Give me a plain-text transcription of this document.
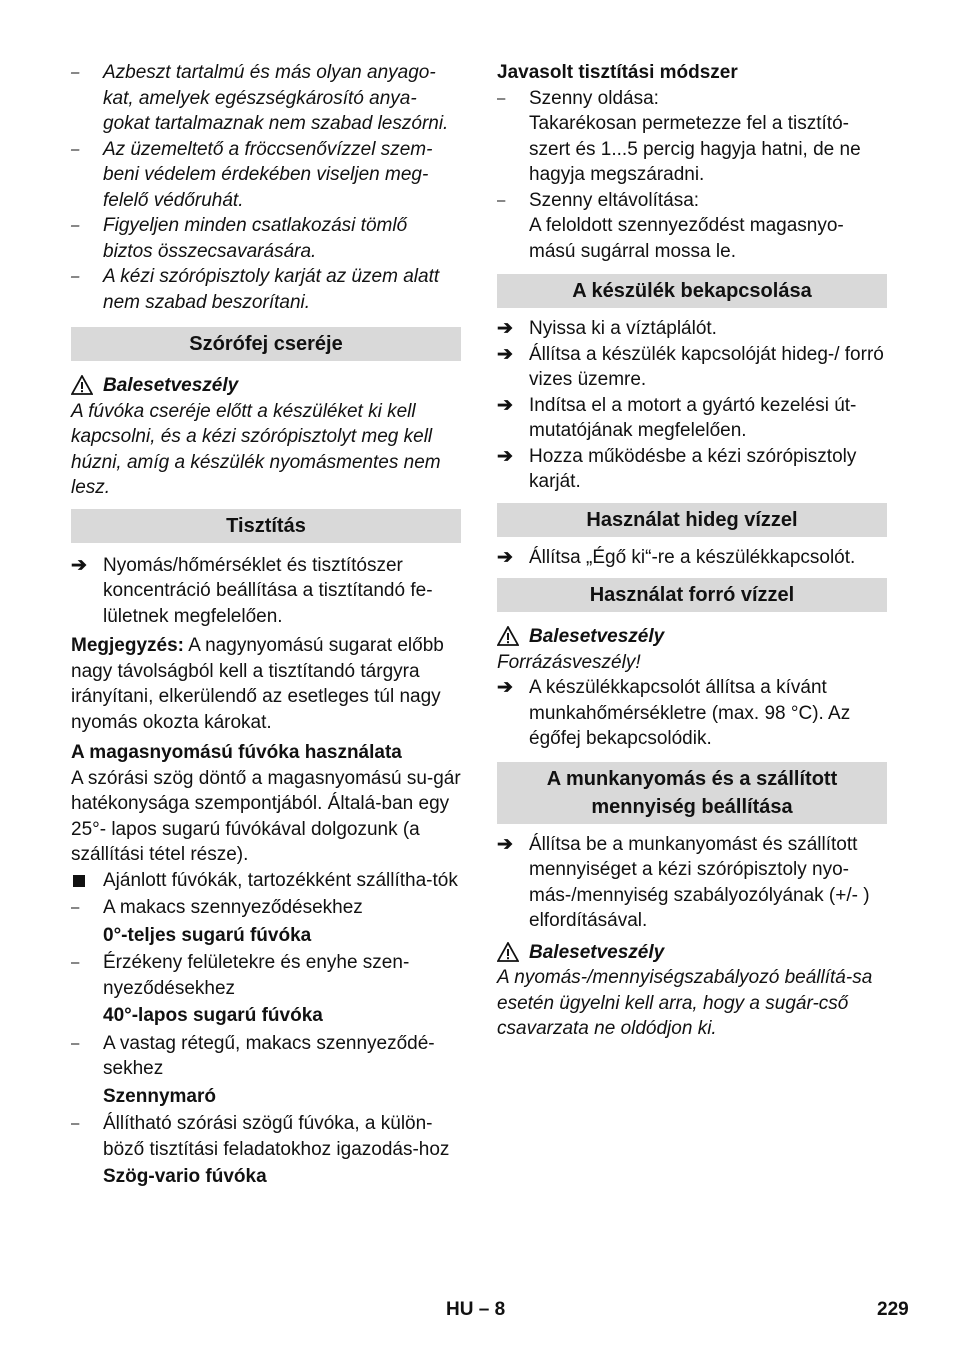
–	Azbeszt tartalmú és más olyan anyago-kat, amelyek egészségkárosító anya-gokat tartalmaznak nem szabad leszórni.
–	Az üzemeltető a fröccsenővízzel szem-beni védelem érdekében viseljen meg-felelő védőruhát.
–	Figyeljen minden csatlakozási tömlő biztos összecsavarására.
–	A kézi szórópisztoly karját az üzem alatt nem szabad beszorítani.
Szórófej cseréje
Balesetveszély

A fúvóka cseréje előtt a készüléket ki kell kapcsolni, és a kézi szórópisztolyt meg kell húzni, amíg a készülék nyomásmentes nem lesz.

Tisztítás
➔ Nyomás/hőmérséklet és tisztítószer koncentráció beállítása a tisztítandó fe-lületnek megfelelően.

Megjegyzés: A nagynyomású sugarat előbb nagy távolságból kell a tisztítandó tárgyra irányítani, elkerülendő az esetleges túl nagy nyomás okozta károkat.

A magasnyomású fúvóka használata

A szórási szög döntő a magasnyomású su-gár hatékonysága szempontjából. Általá-ban egy 25°- lapos sugarú fúvókával dolgozunk (a szállítási tétel része).

Ajánlott fúvókák, tartozékként szállítha-tók
–	A makacs szennyeződésekhez

0°-teljes sugarú fúvóka

–	Érzékeny felületekre és enyhe szen-nyeződésekhez

40°-lapos sugarú fúvóka

–	A vastag rétegű, makacs szennyeződé-sekhez

Szennymaró

–	Állítható szórási szögű fúvóka, a külön-böző tisztítási feladatokhoz igazodás-hoz

Szög-vario fúvóka

Javasolt tisztítási módszer

–	Szenny oldása:

Takarékosan permetezze fel a tisztító-szert és 1...5 percig hagyja hatni, de ne hagyja megszáradni.

–	Szenny eltávolítása:

A feloldott szennyeződést magasnyo-mású sugárral mossa le.

A készülék bekapcsolása
➔ Nyissa ki a víztáplálót.
➔ Állítsa a készülék kapcsolóját hideg-/ forró vizes üzemre.
➔ Indítsa el a motort a gyártó kezelési út-mutatójának megfelelően.
➔ Hozza működésbe a kézi szórópisztoly karját.
Használat hideg vízzel
➔ Állítsa „Égő ki“-re a készülékkapcsolót.
Használat forró vízzel
Balesetveszély

Forrázásveszély!

➔ A készülékkapcsolót állítsa a kívánt munkahőmérsékletre (max. 98 °C). Az égőfej bekapcsolódik.
A munkanyomás és a szállított
mennyiség beállítása
➔ Állítsa be a munkanyomást és szállított mennyiséget a kézi szórópisztoly nyo-más-/mennyiség szabályozólyának (+/- ) elfordításával.
Balesetveszély

A nyomás-/mennyiségszabályozó beállítá-sa esetén ügyelni kell arra, hogy a sugár-cső csavarzata ne oldódjon ki.

HU – 8	229
